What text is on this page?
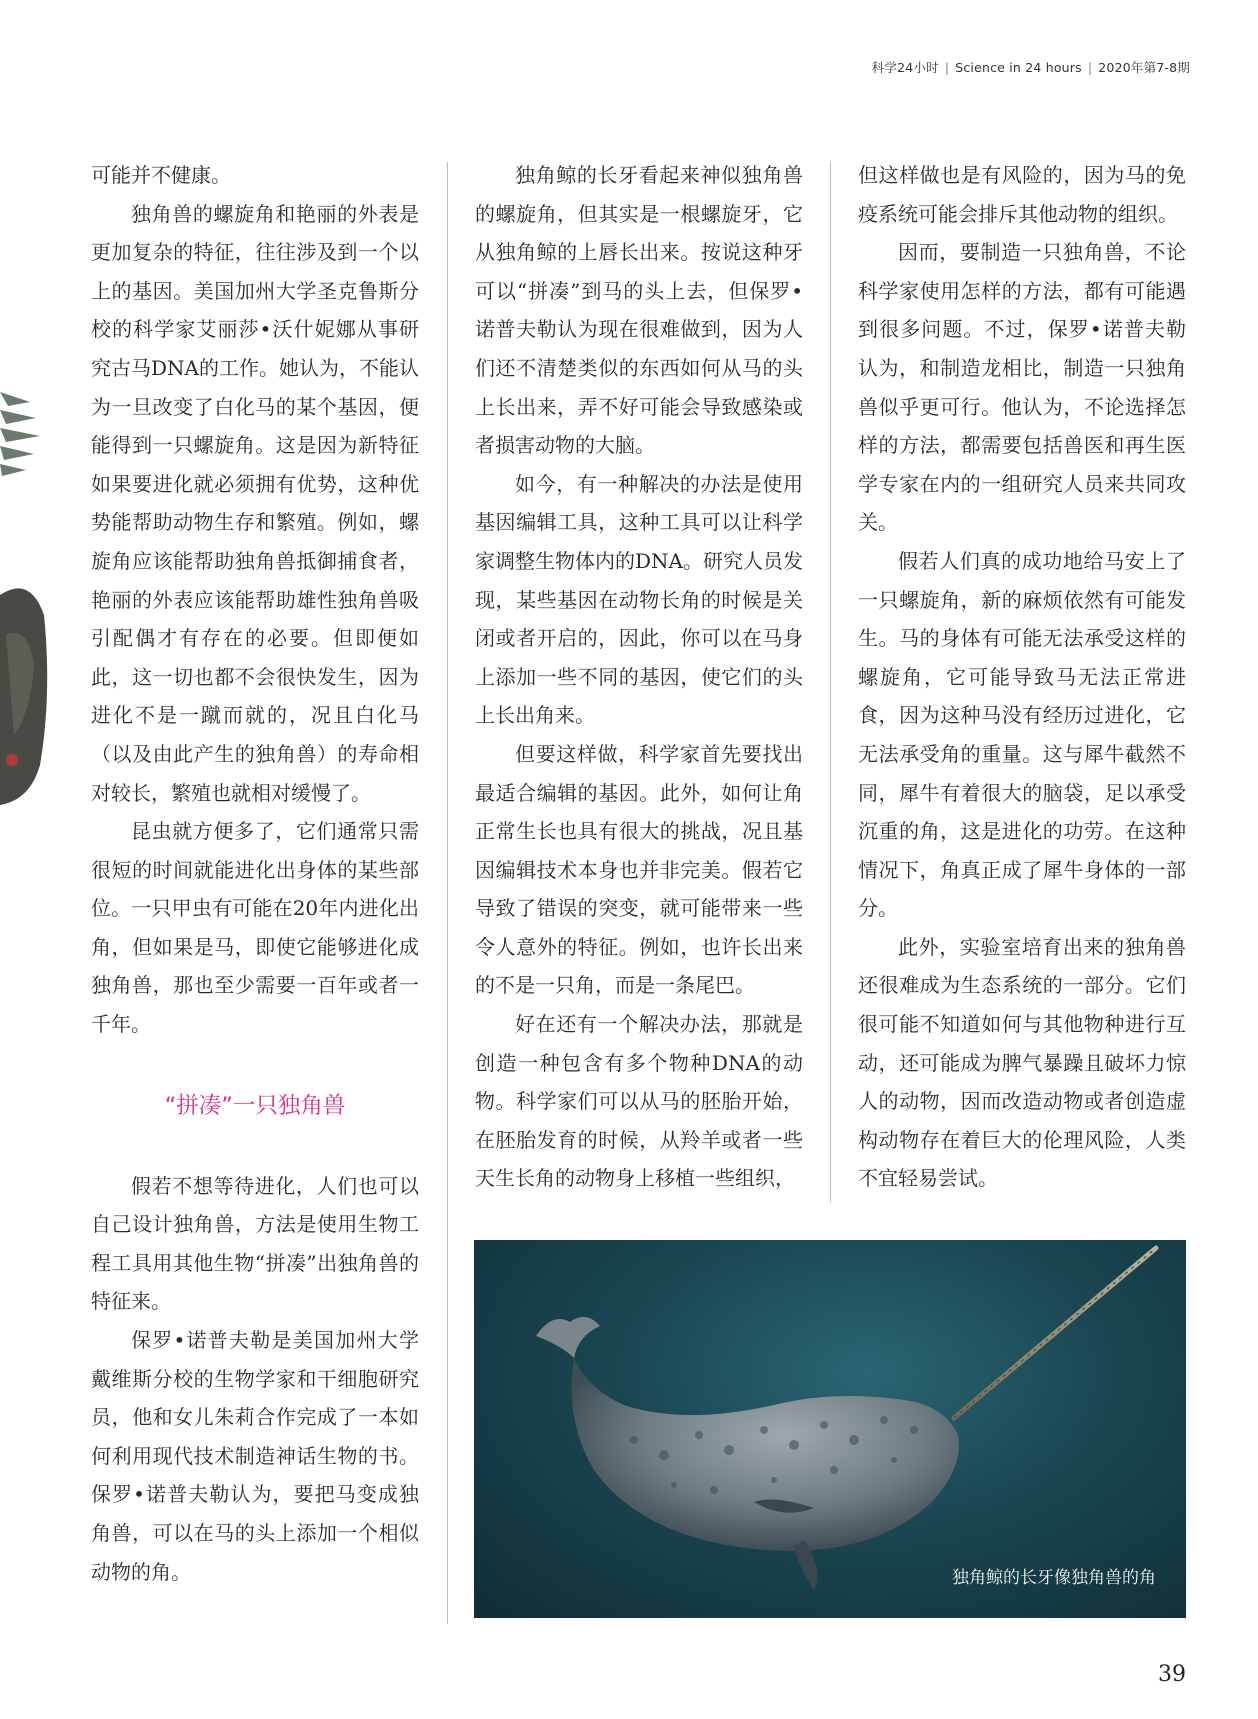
科学24小时 | Science in 24 hours | 2020年第7-8期

可能并不健康。

独角兽的螺旋角和艳丽的外表是更加复杂的特征，往往涉及到一个以上的基因。美国加州大学圣克鲁斯分校的科学家艾丽莎•沃什妮娜从事研究古马DNA的工作。她认为，不能认为一旦改变了白化马的某个基因，便能得到一只螺旋角。这是因为新特征如果要进化就必须拥有优势，这种优势能帮助动物生存和繁殖。例如，螺旋角应该能帮助独角兽抵御捕食者，艳丽的外表应该能帮助雄性独角兽吸引配偶才有存在的必要。但即便如此，这一切也都不会很快发生，因为进化不是一蹴而就的，况且白化马（以及由此产生的独角兽）的寿命相对较长，繁殖也就相对缓慢了。

昆虫就方便多了，它们通常只需很短的时间就能进化出身体的某些部位。一只甲虫有可能在20年内进化出角，但如果是马，即使它能够进化成独角兽，那也至少需要一百年或者一千年。

“拼凑”一只独角兽

假若不想等待进化，人们也可以自己设计独角兽，方法是使用生物工程工具用其他生物“拼凑”出独角兽的特征来。

保罗•诺普夫勒是美国加州大学戴维斯分校的生物学家和干细胞研究员，他和女儿朱莉合作完成了一本如何利用现代技术制造神话生物的书。保罗•诺普夫勒认为，要把马变成独角兽，可以在马的头上添加一个相似动物的角。

独角鲸的长牙看起来神似独角兽的螺旋角，但其实是一根螺旋牙，它从独角鲸的上唇长出来。按说这种牙可以“拼凑”到马的头上去，但保罗•诺普夫勒认为现在很难做到，因为人们还不清楚类似的东西如何从马的头上长出来，弄不好可能会导致感染或者损害动物的大脑。

如今，有一种解决的办法是使用基因编辑工具，这种工具可以让科学家调整生物体内的DNA。研究人员发现，某些基因在动物长角的时候是关闭或者开启的，因此，你可以在马身上添加一些不同的基因，使它们的头上长出角来。

但要这样做，科学家首先要找出最适合编辑的基因。此外，如何让角正常生长也具有很大的挑战，况且基因编辑技术本身也并非完美。假若它导致了错误的突变，就可能带来一些令人意外的特征。例如，也许长出来的不是一只角，而是一条尾巴。

好在还有一个解决办法，那就是创造一种包含有多个物种DNA的动物。科学家们可以从马的胚胎开始，在胚胎发育的时候，从羚羊或者一些天生长角的动物身上移植一些组织，

但这样做也是有风险的，因为马的免疫系统可能会排斥其他动物的组织。

因而，要制造一只独角兽，不论科学家使用怎样的方法，都有可能遇到很多问题。不过，保罗•诺普夫勒认为，和制造龙相比，制造一只独角兽似乎更可行。他认为，不论选择怎样的方法，都需要包括兽医和再生医学专家在内的一组研究人员来共同攻关。

假若人们真的成功地给马安上了一只螺旋角，新的麻烦依然有可能发生。马的身体有可能无法承受这样的螺旋角，它可能导致马无法正常进食，因为这种马没有经历过进化，它无法承受角的重量。这与犀牛截然不同，犀牛有着很大的脑袋，足以承受沉重的角，这是进化的功劳。在这种情况下，角真正成了犀牛身体的一部分。

此外，实验室培育出来的独角兽还很难成为生态系统的一部分。它们很可能不知道如何与其他物种进行互动，还可能成为脾气暴躁且破坏力惊人的动物，因而改造动物或者创造虚构动物存在着巨大的伦理风险，人类不宜轻易尝试。

独角鲸的长牙像独角兽的角
39
